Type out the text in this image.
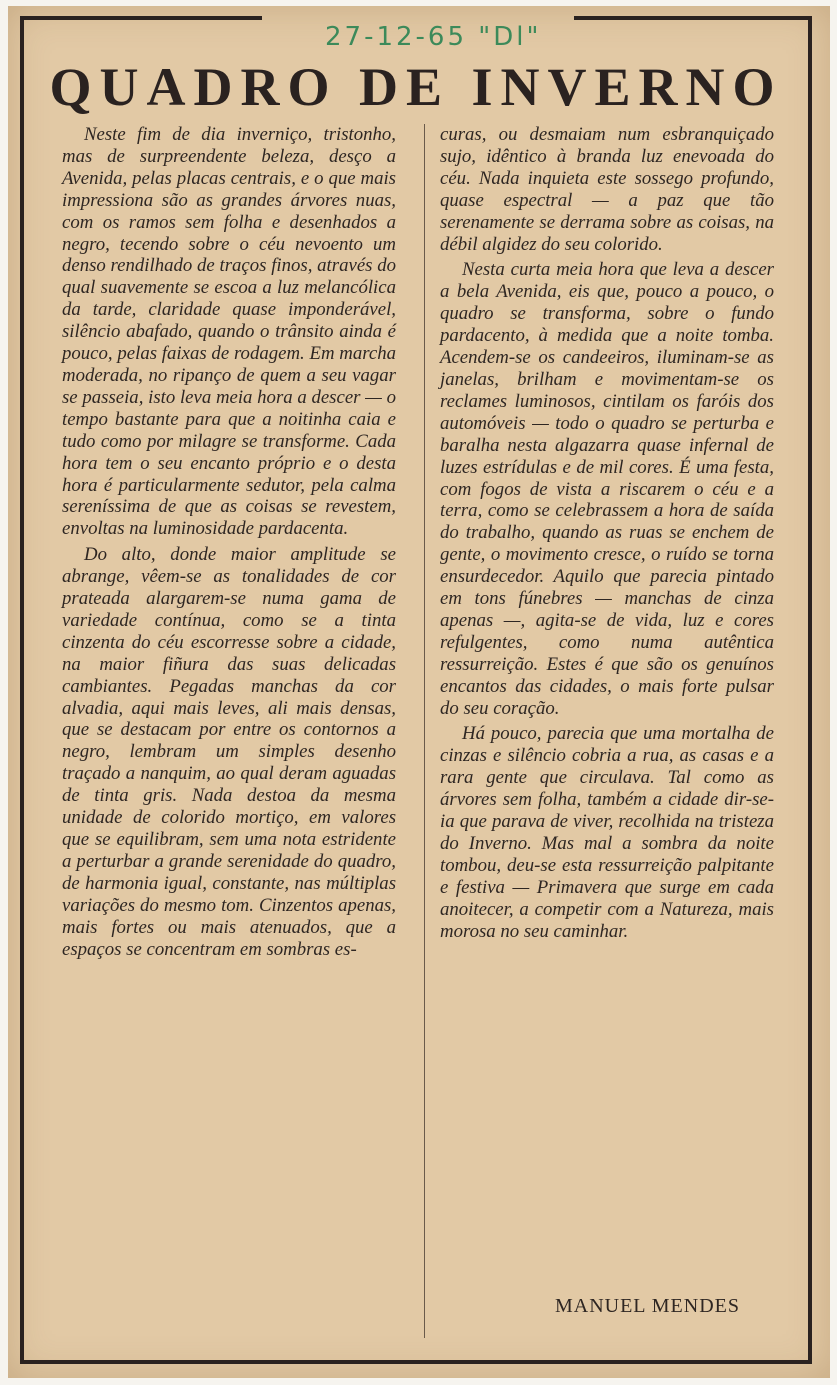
27-12-65 "Dl"
QUADRO DE INVERNO

Neste fim de dia inverniço, tristonho, mas de surpreendente beleza, desço a Avenida, pelas placas centrais, e o que mais impressiona são as grandes árvores nuas, com os ramos sem folha e desenhados a negro, tecendo sobre o céu nevoento um denso rendilhado de traços finos, através do qual suavemente se escoa a luz melancólica da tarde, claridade quase imponderável, silêncio abafado, quando o trânsito ainda é pouco, pelas faixas de rodagem. Em marcha moderada, no ripanço de quem a seu vagar se passeia, isto leva meia hora a descer — o tempo bastante para que a noitinha caia e tudo como por milagre se transforme. Cada hora tem o seu encanto próprio e o desta hora é particularmente sedutor, pela calma sereníssima de que as coisas se revestem, envoltas na luminosidade pardacenta.

Do alto, donde maior amplitude se abrange, vêem-se as tonalidades de cor prateada alargarem-se numa gama de variedade contínua, como se a tinta cinzenta do céu escorresse sobre a cidade, na maior fiñura das suas delicadas cambiantes. Pegadas manchas da cor alvadia, aqui mais leves, ali mais densas, que se destacam por entre os contornos a negro, lembram um simples desenho traçado a nanquim, ao qual deram aguadas de tinta gris. Nada destoa da mesma unidade de colorido mortiço, em valores que se equilibram, sem uma nota estridente a perturbar a grande serenidade do quadro, de harmonia igual, constante, nas múltiplas variações do mesmo tom. Cinzentos apenas, mais fortes ou mais atenuados, que a espaços se concentram em sombras es-

curas, ou desmaiam num esbranquiçado sujo, idêntico à branda luz enevoada do céu. Nada inquieta este sossego profundo, quase espectral — a paz que tão serenamente se derrama sobre as coisas, na débil algidez do seu colorido.

Nesta curta meia hora que leva a descer a bela Avenida, eis que, pouco a pouco, o quadro se transforma, sobre o fundo pardacento, à medida que a noite tomba. Acendem-se os candeeiros, iluminam-se as janelas, brilham e movimentam-se os reclames luminosos, cintilam os faróis dos automóveis — todo o quadro se perturba e baralha nesta algazarra quase infernal de luzes estrídulas e de mil cores. É uma festa, com fogos de vista a riscarem o céu e a terra, como se celebrassem a hora de saída do trabalho, quando as ruas se enchem de gente, o movimento cresce, o ruído se torna ensurdecedor. Aquilo que parecia pintado em tons fúnebres — manchas de cinza apenas —, agita-se de vida, luz e cores refulgentes, como numa autêntica ressurreição. Estes é que são os genuínos encantos das cidades, o mais forte pulsar do seu coração.

Há pouco, parecia que uma mortalha de cinzas e silêncio cobria a rua, as casas e a rara gente que circulava. Tal como as árvores sem folha, também a cidade dir-se-ia que parava de viver, recolhida na tristeza do Inverno. Mas mal a sombra da noite tombou, deu-se esta ressurreição palpitante e festiva — Primavera que surge em cada anoitecer, a competir com a Natureza, mais morosa no seu caminhar.

MANUEL MENDES
